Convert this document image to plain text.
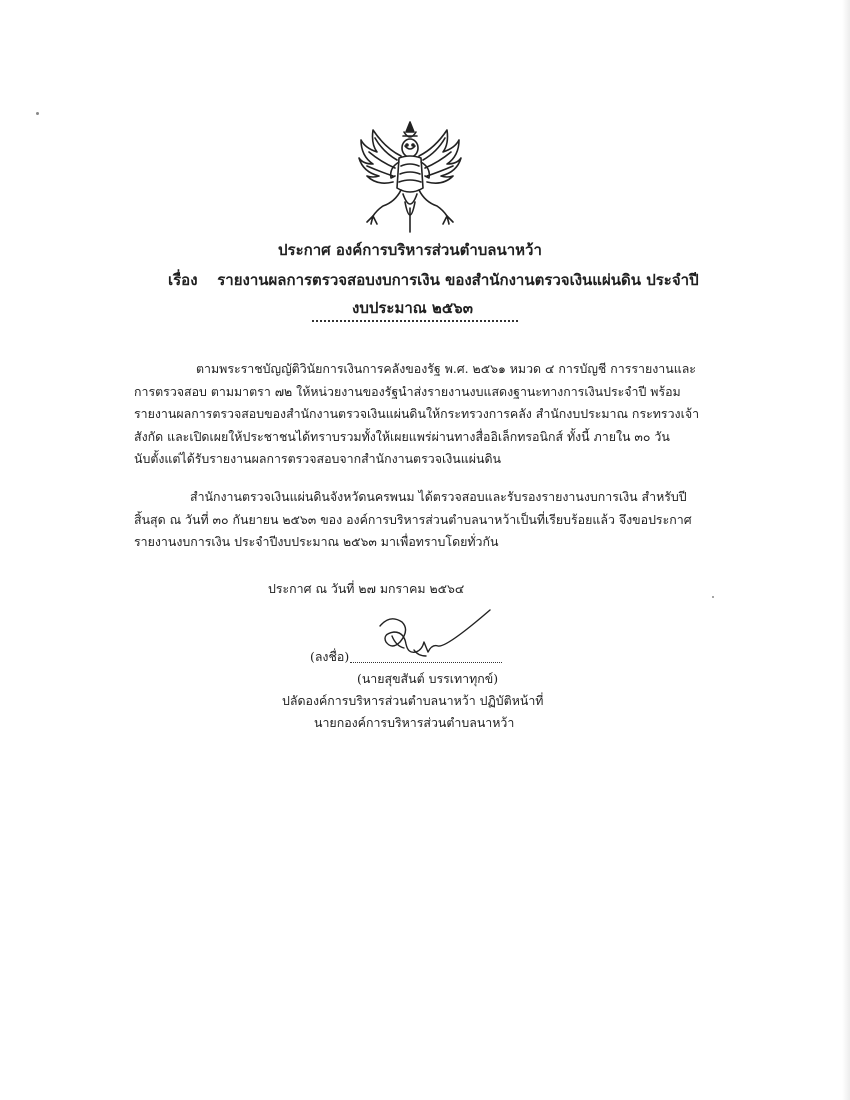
ประกาศ องค์การบริหารส่วนตำบลนาหว้า
เรื่อง รายงานผลการตรวจสอบงบการเงิน ของสำนักงานตรวจเงินแผ่นดิน ประจำปี
งบประมาณ ๒๕๖๓

ตามพระราชบัญญัติวินัยการเงินการคลังของรัฐ พ.ศ. ๒๕๖๑ หมวด ๔ การบัญชี การรายงานและ

การตรวจสอบ ตามมาตรา ๗๒ ให้หน่วยงานของรัฐนำส่งรายงานงบแสดงฐานะทางการเงินประจำปี พร้อม

รายงานผลการตรวจสอบของสำนักงานตรวจเงินแผ่นดินให้กระทรวงการคลัง สำนักงบประมาณ กระทรวงเจ้า

สังกัด และเปิดเผยให้ประชาชนได้ทราบรวมทั้งให้เผยแพร่ผ่านทางสื่ออิเล็กทรอนิกส์ ทั้งนี้ ภายใน ๓๐ วัน

นับตั้งแต่ได้รับรายงานผลการตรวจสอบจากสำนักงานตรวจเงินแผ่นดิน

สำนักงานตรวจเงินแผ่นดินจังหวัดนครพนม ได้ตรวจสอบและรับรองรายงานงบการเงิน สำหรับปี

สิ้นสุด ณ วันที่ ๓๐ กันยายน ๒๕๖๓ ของ องค์การบริหารส่วนตำบลนาหว้าเป็นที่เรียบร้อยแล้ว จึงขอประกาศ

รายงานงบการเงิน ประจำปีงบประมาณ ๒๕๖๓ มาเพื่อทราบโดยทั่วกัน

ประกาศ ณ วันที่ ๒๗ มกราคม ๒๕๖๔
(ลงชื่อ)
(นายสุขสันต์ บรรเทาทุกข์)
ปลัดองค์การบริหารส่วนตำบลนาหว้า ปฏิบัติหน้าที่
นายกองค์การบริหารส่วนตำบลนาหว้า
